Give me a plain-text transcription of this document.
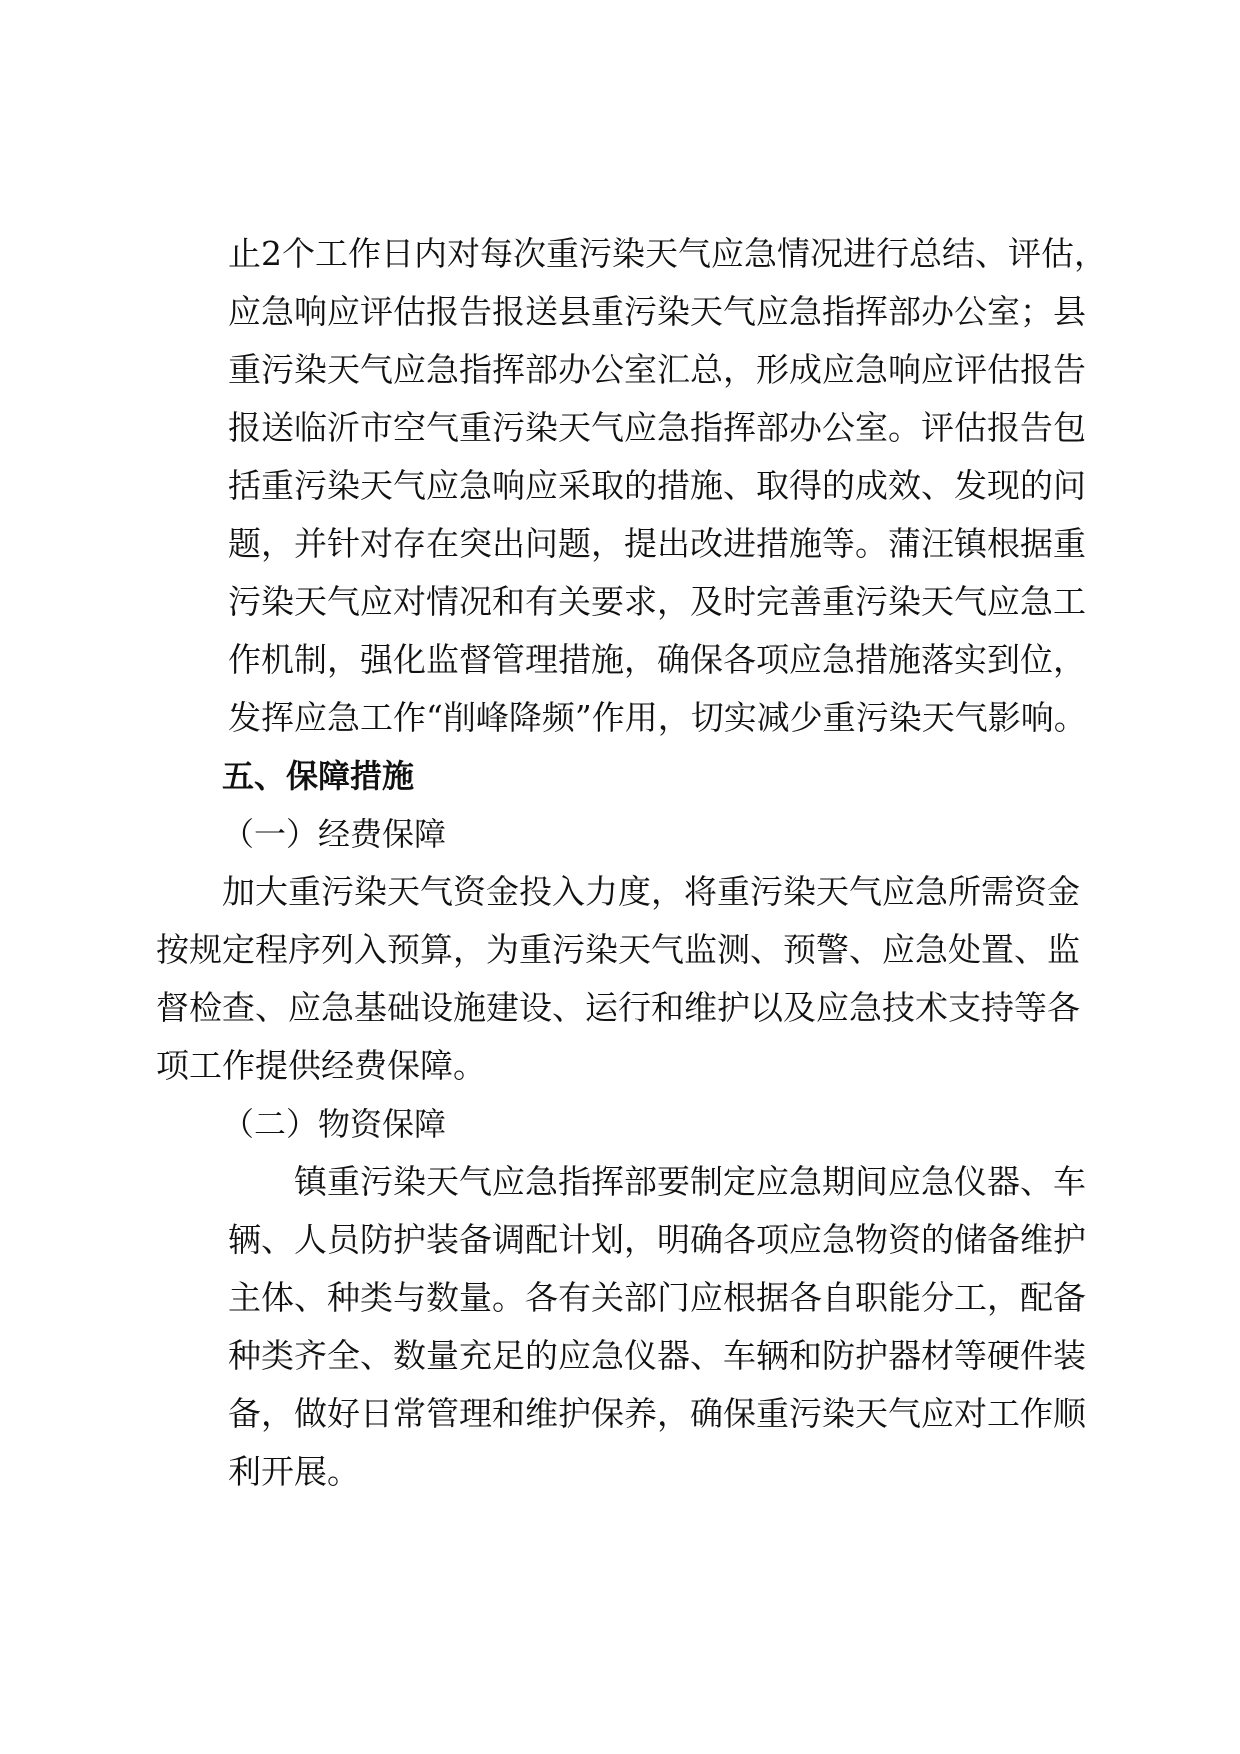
止2个工作日内对每次重污染天气应急情况进行总结、评估，
应急响应评估报告报送县重污染天气应急指挥部办公室；县
重污染天气应急指挥部办公室汇总，形成应急响应评估报告
报送临沂市空气重污染天气应急指挥部办公室。评估报告包
括重污染天气应急响应采取的措施、取得的成效、发现的问
题，并针对存在突出问题，提出改进措施等。蒲汪镇根据重
污染天气应对情况和有关要求，及时完善重污染天气应急工
作机制，强化监督管理措施，确保各项应急措施落实到位，
发挥应急工作“削峰降频”作用，切实减少重污染天气影响。
五、保障措施
（一）经费保障
加大重污染天气资金投入力度，将重污染天气应急所需资金
按规定程序列入预算，为重污染天气监测、预警、应急处置、监
督检查、应急基础设施建设、运行和维护以及应急技术支持等各
项工作提供经费保障。
（二）物资保障
镇重污染天气应急指挥部要制定应急期间应急仪器、车
辆、人员防护装备调配计划，明确各项应急物资的储备维护
主体、种类与数量。各有关部门应根据各自职能分工，配备
种类齐全、数量充足的应急仪器、车辆和防护器材等硬件装
备，做好日常管理和维护保养，确保重污染天气应对工作顺
利开展。
